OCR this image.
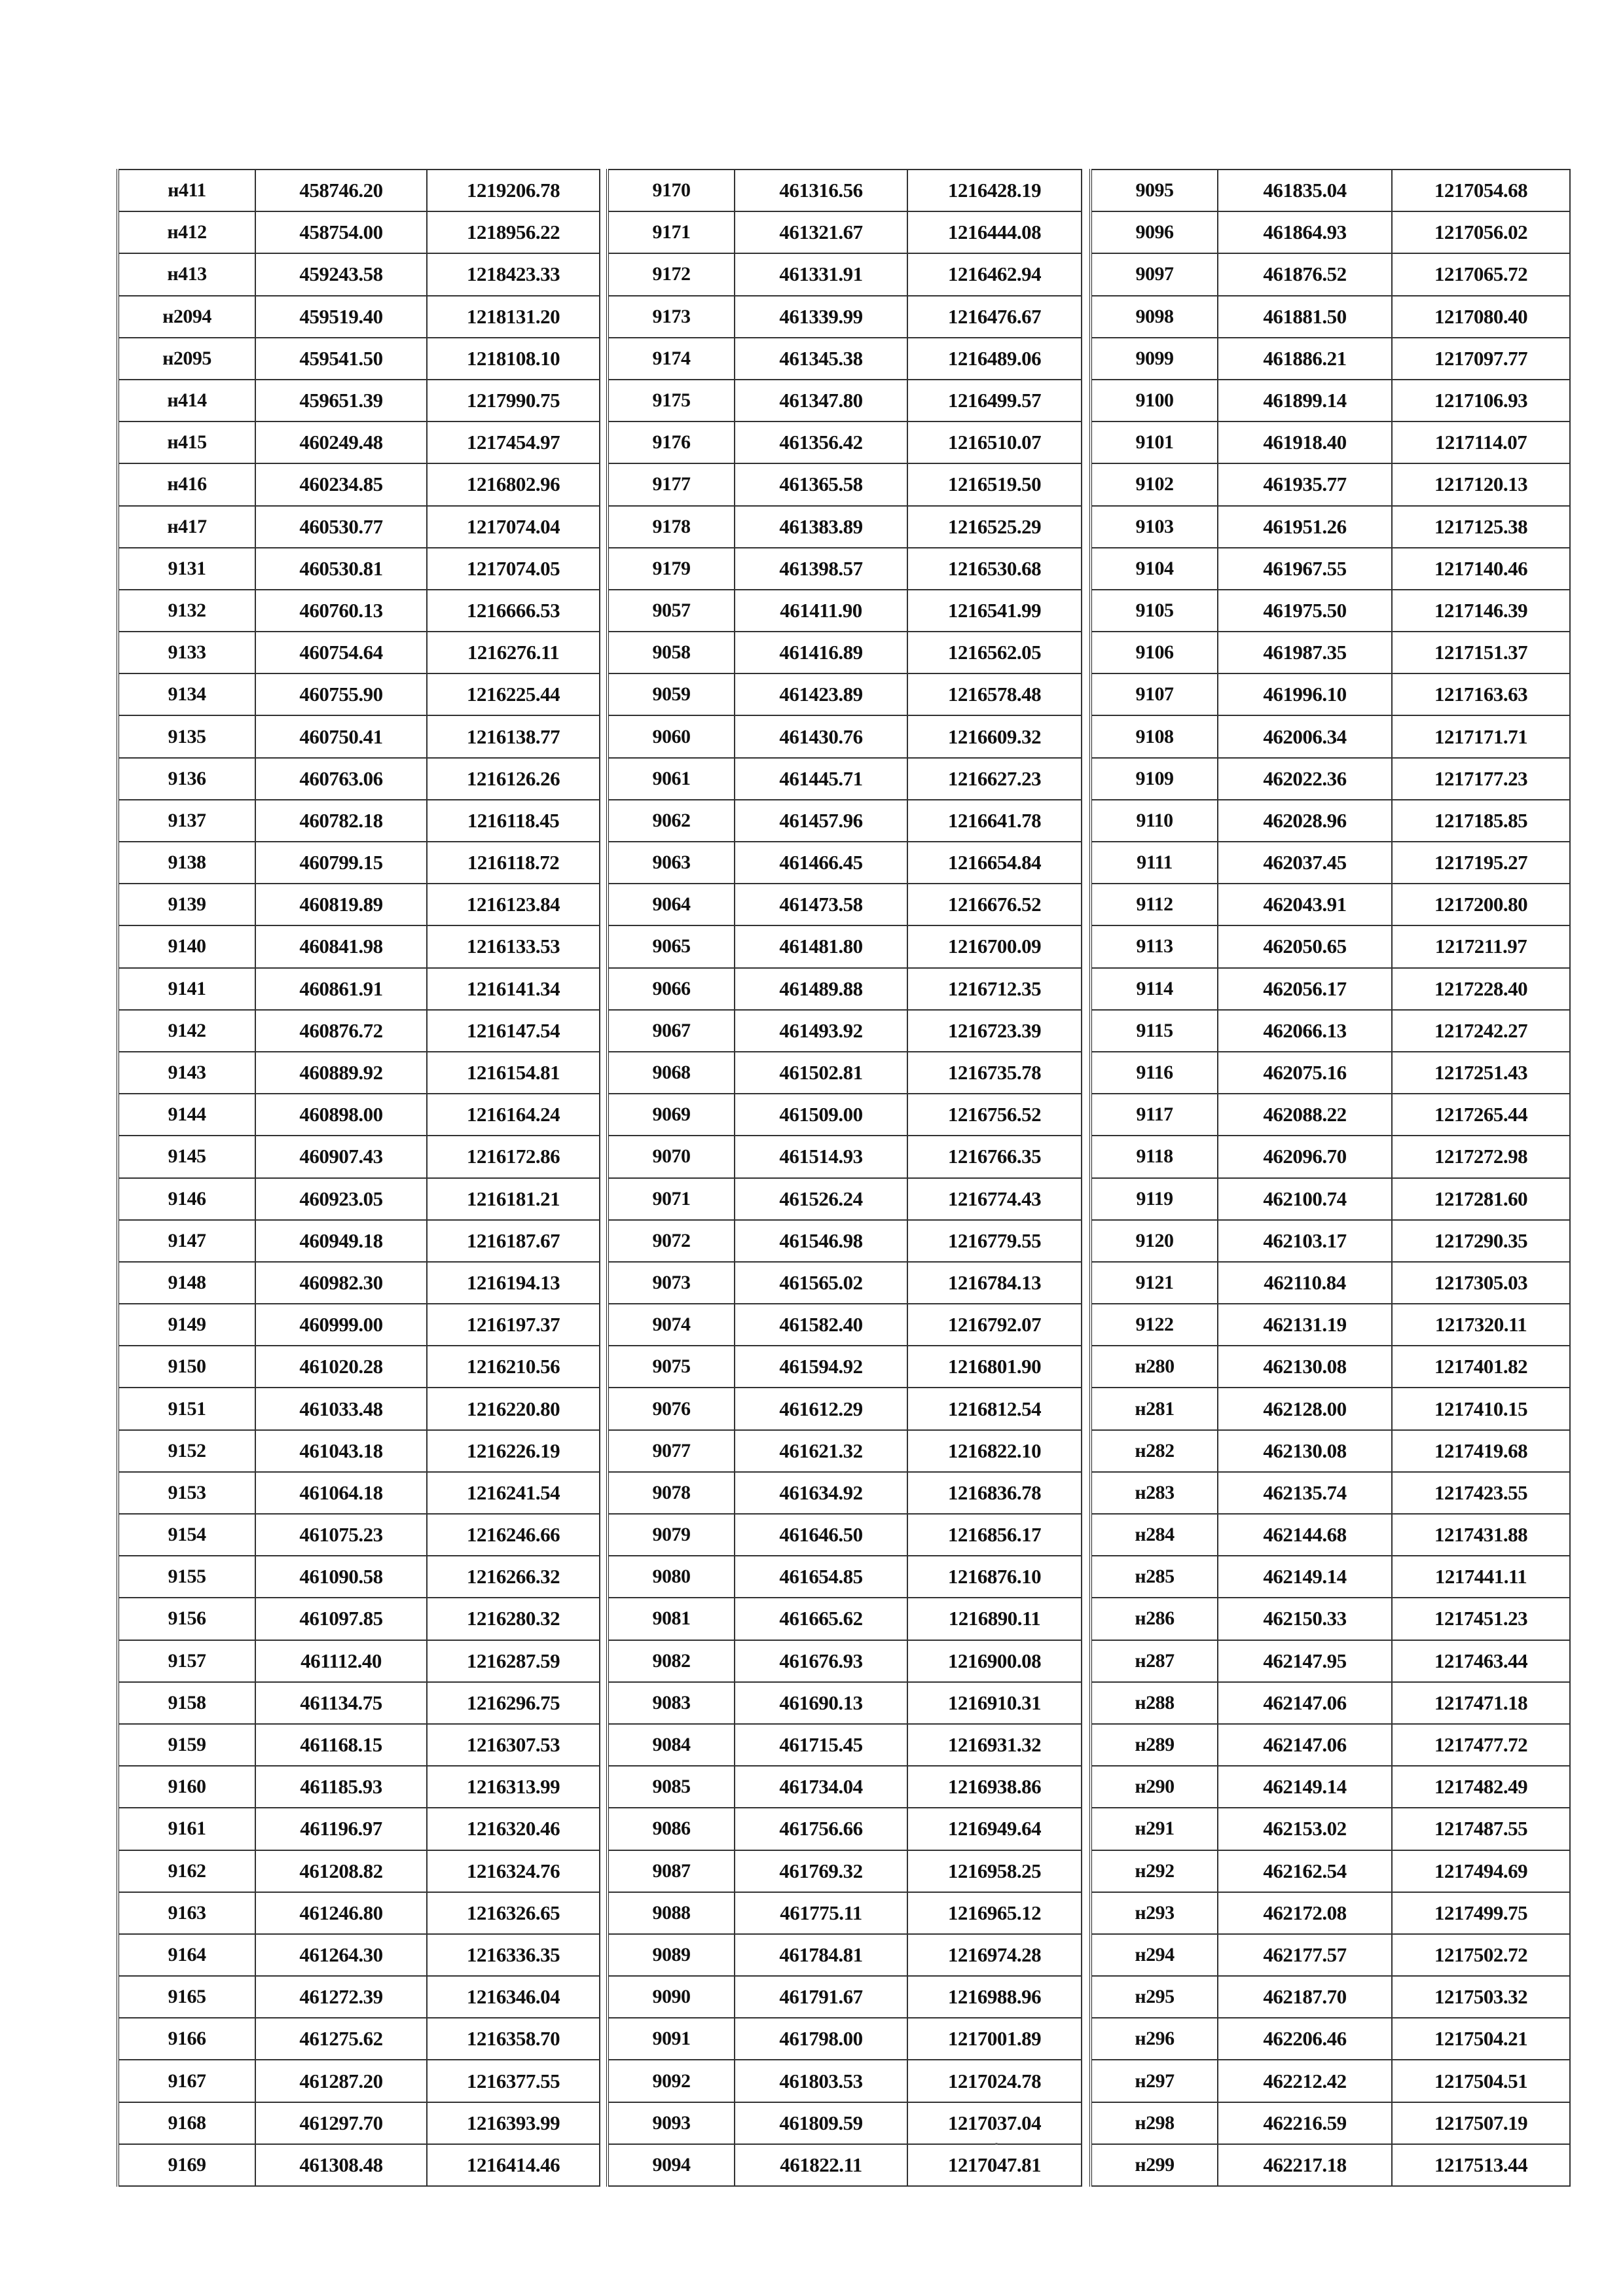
н411	458746.20	1219206.78
н412	458754.00	1218956.22
н413	459243.58	1218423.33
н2094	459519.40	1218131.20
н2095	459541.50	1218108.10
н414	459651.39	1217990.75
н415	460249.48	1217454.97
н416	460234.85	1216802.96
н417	460530.77	1217074.04
9131	460530.81	1217074.05
9132	460760.13	1216666.53
9133	460754.64	1216276.11
9134	460755.90	1216225.44
9135	460750.41	1216138.77
9136	460763.06	1216126.26
9137	460782.18	1216118.45
9138	460799.15	1216118.72
9139	460819.89	1216123.84
9140	460841.98	1216133.53
9141	460861.91	1216141.34
9142	460876.72	1216147.54
9143	460889.92	1216154.81
9144	460898.00	1216164.24
9145	460907.43	1216172.86
9146	460923.05	1216181.21
9147	460949.18	1216187.67
9148	460982.30	1216194.13
9149	460999.00	1216197.37
9150	461020.28	1216210.56
9151	461033.48	1216220.80
9152	461043.18	1216226.19
9153	461064.18	1216241.54
9154	461075.23	1216246.66
9155	461090.58	1216266.32
9156	461097.85	1216280.32
9157	461112.40	1216287.59
9158	461134.75	1216296.75
9159	461168.15	1216307.53
9160	461185.93	1216313.99
9161	461196.97	1216320.46
9162	461208.82	1216324.76
9163	461246.80	1216326.65
9164	461264.30	1216336.35
9165	461272.39	1216346.04
9166	461275.62	1216358.70
9167	461287.20	1216377.55
9168	461297.70	1216393.99
9169	461308.48	1216414.46
9170	461316.56	1216428.19
9171	461321.67	1216444.08
9172	461331.91	1216462.94
9173	461339.99	1216476.67
9174	461345.38	1216489.06
9175	461347.80	1216499.57
9176	461356.42	1216510.07
9177	461365.58	1216519.50
9178	461383.89	1216525.29
9179	461398.57	1216530.68
9057	461411.90	1216541.99
9058	461416.89	1216562.05
9059	461423.89	1216578.48
9060	461430.76	1216609.32
9061	461445.71	1216627.23
9062	461457.96	1216641.78
9063	461466.45	1216654.84
9064	461473.58	1216676.52
9065	461481.80	1216700.09
9066	461489.88	1216712.35
9067	461493.92	1216723.39
9068	461502.81	1216735.78
9069	461509.00	1216756.52
9070	461514.93	1216766.35
9071	461526.24	1216774.43
9072	461546.98	1216779.55
9073	461565.02	1216784.13
9074	461582.40	1216792.07
9075	461594.92	1216801.90
9076	461612.29	1216812.54
9077	461621.32	1216822.10
9078	461634.92	1216836.78
9079	461646.50	1216856.17
9080	461654.85	1216876.10
9081	461665.62	1216890.11
9082	461676.93	1216900.08
9083	461690.13	1216910.31
9084	461715.45	1216931.32
9085	461734.04	1216938.86
9086	461756.66	1216949.64
9087	461769.32	1216958.25
9088	461775.11	1216965.12
9089	461784.81	1216974.28
9090	461791.67	1216988.96
9091	461798.00	1217001.89
9092	461803.53	1217024.78
9093	461809.59	1217037.04
9094	461822.11	1217047.81
9095	461835.04	1217054.68
9096	461864.93	1217056.02
9097	461876.52	1217065.72
9098	461881.50	1217080.40
9099	461886.21	1217097.77
9100	461899.14	1217106.93
9101	461918.40	1217114.07
9102	461935.77	1217120.13
9103	461951.26	1217125.38
9104	461967.55	1217140.46
9105	461975.50	1217146.39
9106	461987.35	1217151.37
9107	461996.10	1217163.63
9108	462006.34	1217171.71
9109	462022.36	1217177.23
9110	462028.96	1217185.85
9111	462037.45	1217195.27
9112	462043.91	1217200.80
9113	462050.65	1217211.97
9114	462056.17	1217228.40
9115	462066.13	1217242.27
9116	462075.16	1217251.43
9117	462088.22	1217265.44
9118	462096.70	1217272.98
9119	462100.74	1217281.60
9120	462103.17	1217290.35
9121	462110.84	1217305.03
9122	462131.19	1217320.11
н280	462130.08	1217401.82
н281	462128.00	1217410.15
н282	462130.08	1217419.68
н283	462135.74	1217423.55
н284	462144.68	1217431.88
н285	462149.14	1217441.11
н286	462150.33	1217451.23
н287	462147.95	1217463.44
н288	462147.06	1217471.18
н289	462147.06	1217477.72
н290	462149.14	1217482.49
н291	462153.02	1217487.55
н292	462162.54	1217494.69
н293	462172.08	1217499.75
н294	462177.57	1217502.72
н295	462187.70	1217503.32
н296	462206.46	1217504.21
н297	462212.42	1217504.51
н298	462216.59	1217507.19
н299	462217.18	1217513.44
